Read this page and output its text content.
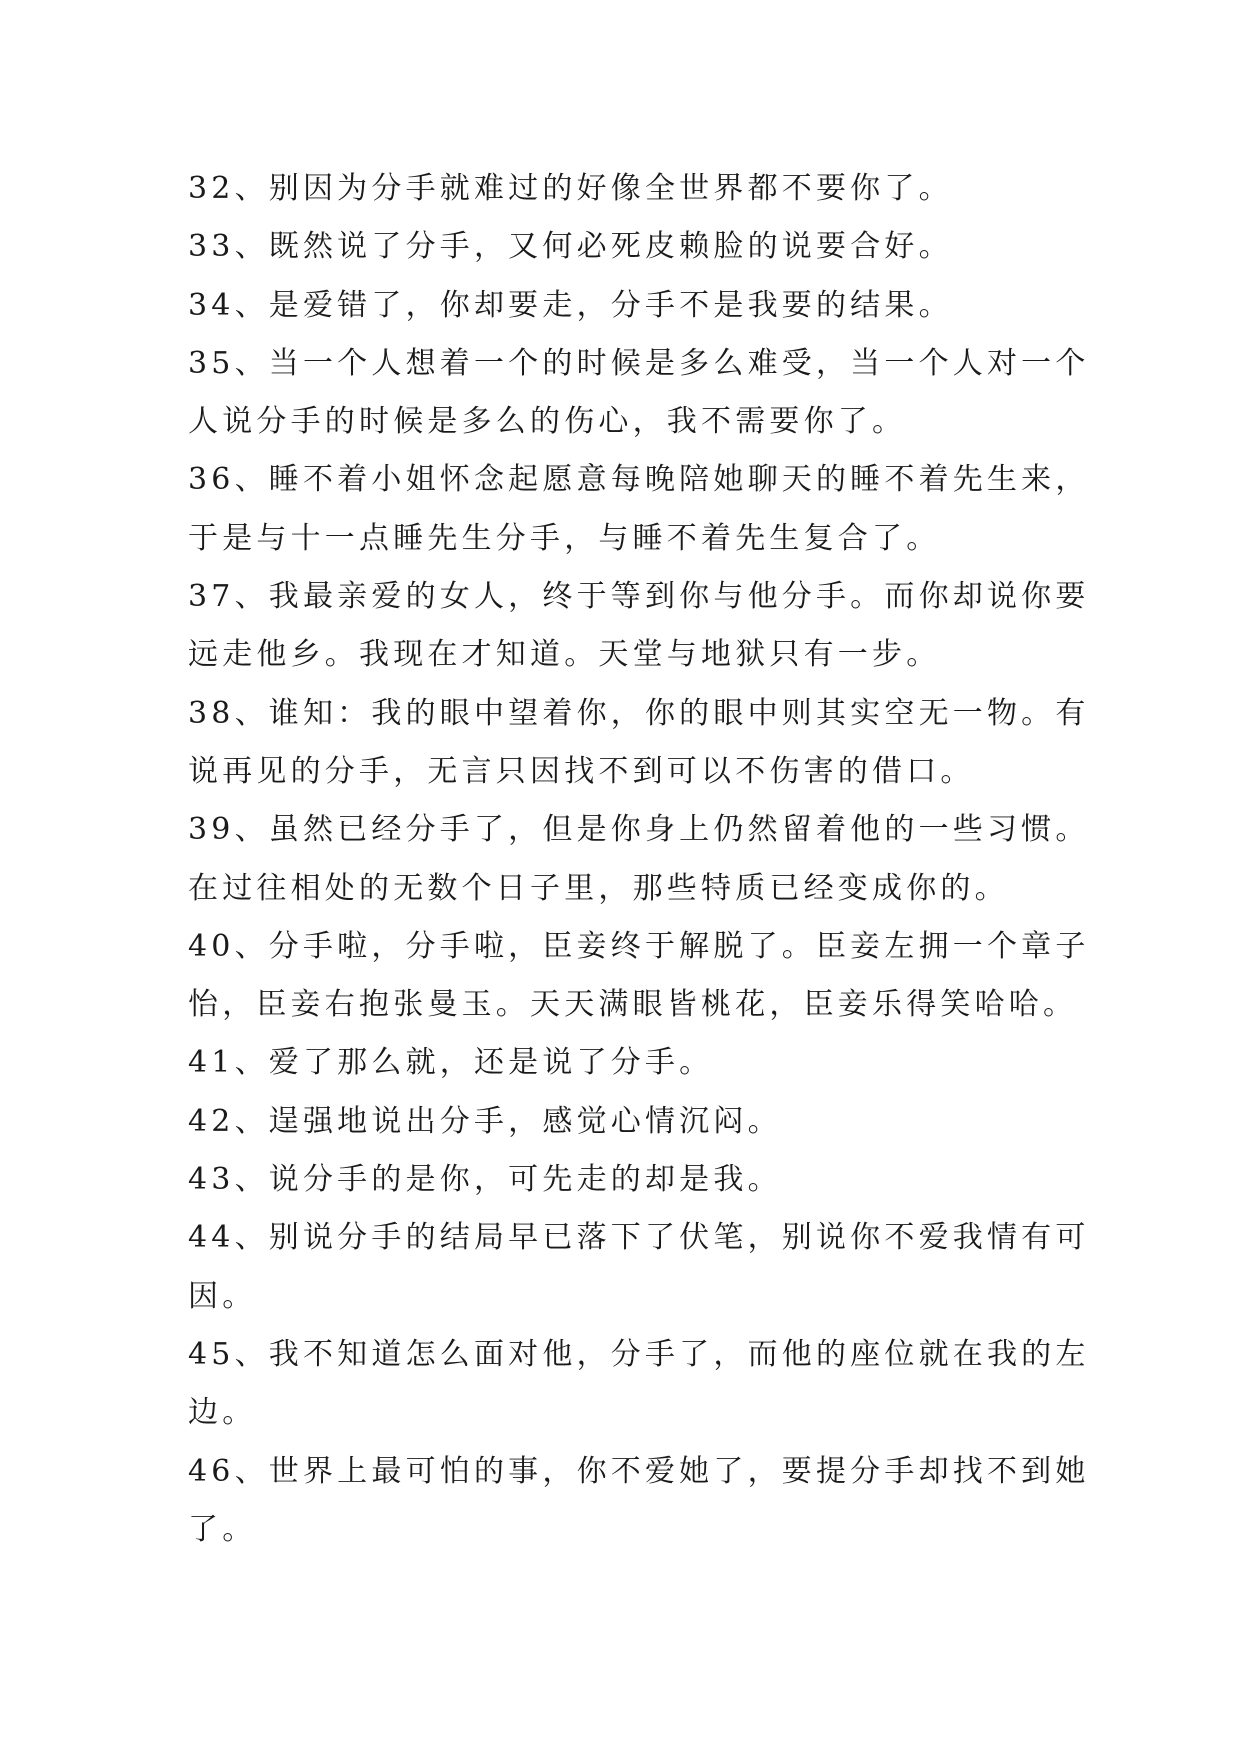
32、别因为分手就难过的好像全世界都不要你了。

33、既然说了分手，又何必死皮赖脸的说要合好。

34、是爱错了，你却要走，分手不是我要的结果。

35、当一个人想着一个的时候是多么难受，当一个人对一个

人说分手的时候是多么的伤心，我不需要你了。

36、睡不着小姐怀念起愿意每晚陪她聊天的睡不着先生来，

于是与十一点睡先生分手，与睡不着先生复合了。

37、我最亲爱的女人，终于等到你与他分手。而你却说你要

远走他乡。我现在才知道。天堂与地狱只有一步。

38、谁知：我的眼中望着你，你的眼中则其实空无一物。有

说再见的分手，无言只因找不到可以不伤害的借口。

39、虽然已经分手了，但是你身上仍然留着他的一些习惯。

在过往相处的无数个日子里，那些特质已经变成你的。

40、分手啦，分手啦，臣妾终于解脱了。臣妾左拥一个章子

怡，臣妾右抱张曼玉。天天满眼皆桃花，臣妾乐得笑哈哈。

41、爱了那么就，还是说了分手。

42、逞强地说出分手，感觉心情沉闷。

43、说分手的是你，可先走的却是我。

44、别说分手的结局早已落下了伏笔，别说你不爱我情有可

因。

45、我不知道怎么面对他，分手了，而他的座位就在我的左

边。

46、世界上最可怕的事，你不爱她了，要提分手却找不到她

了。
